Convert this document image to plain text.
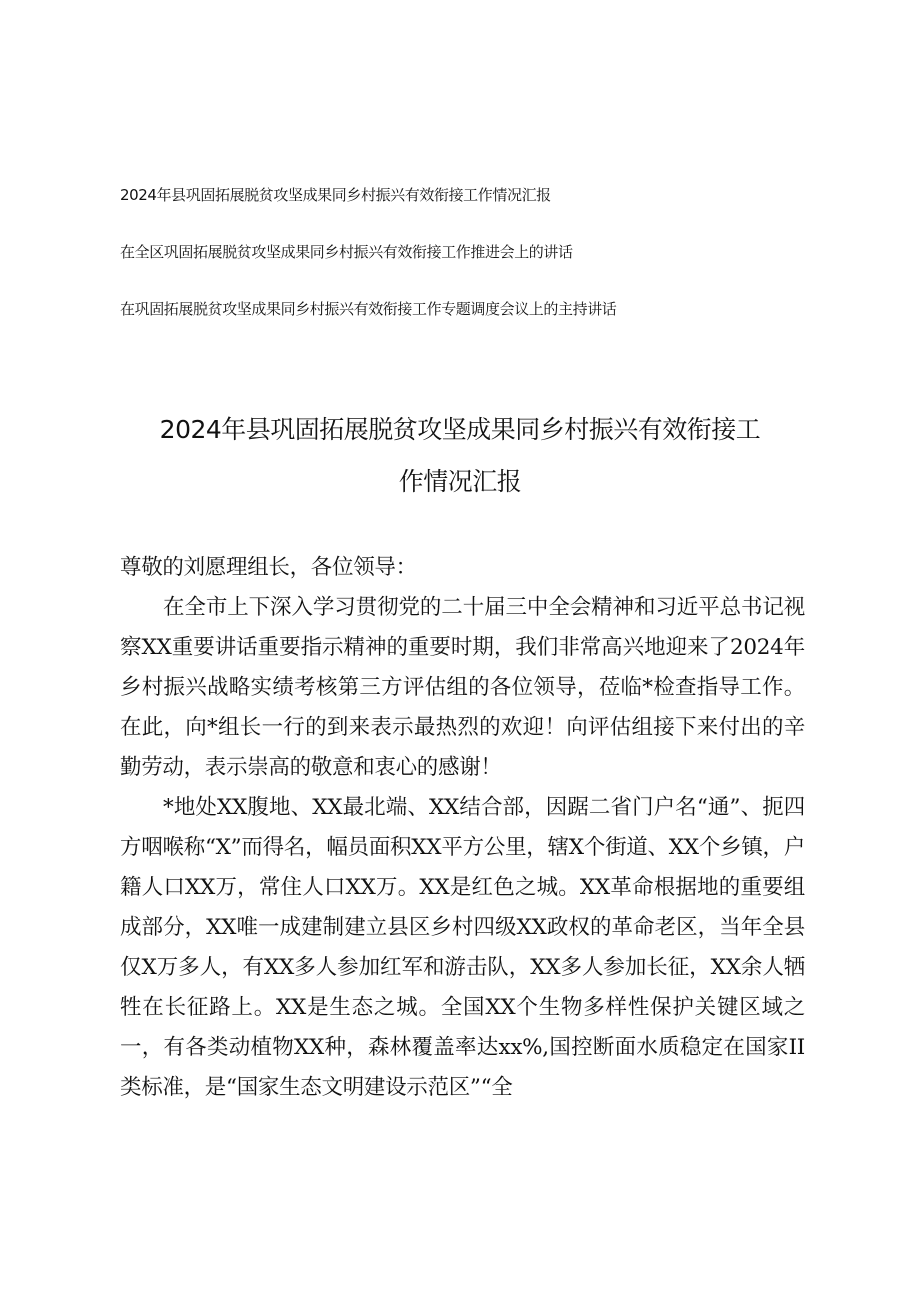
2024年县巩固拓展脱贫攻坚成果同乡村振兴有效衔接工作情况汇报
在全区巩固拓展脱贫攻坚成果同乡村振兴有效衔接工作推进会上的讲话
在巩固拓展脱贫攻坚成果同乡村振兴有效衔接工作专题调度会议上的主持讲话
2024年县巩固拓展脱贫攻坚成果同乡村振兴有效衔接工
作情况汇报

尊敬的刘愿理组长，各位领导：

在全市上下深入学习贯彻党的二十届三中全会精神和习近平总书记视察XX重要讲话重要指示精神的重要时期，我们非常高兴地迎来了2024年乡村振兴战略实绩考核第三方评估组的各位领导，莅临*检查指导工作。在此，向*组长一行的到来表示最热烈的欢迎！向评估组接下来付出的辛勤劳动，表示崇高的敬意和衷心的感谢！

*地处XX腹地、XX最北端、XX结合部，因踞二省门户名“通”、扼四方咽喉称“X”而得名，幅员面积XX平方公里，辖X个街道、XX个乡镇，户籍人口XX万，常住人口XX万。XX是红色之城。XX革命根据地的重要组成部分，XX唯一成建制建立县区乡村四级XX政权的革命老区，当年全县仅X万多人，有XX多人参加红军和游击队，XX多人参加长征，XX余人牺牲在长征路上。XX是生态之城。全国XX个生物多样性保护关键区域之一，有各类动植物XX种，森林覆盖率达xx%,国控断面水质稳定在国家II类标准，是“国家生态文明建设示范区”“全
